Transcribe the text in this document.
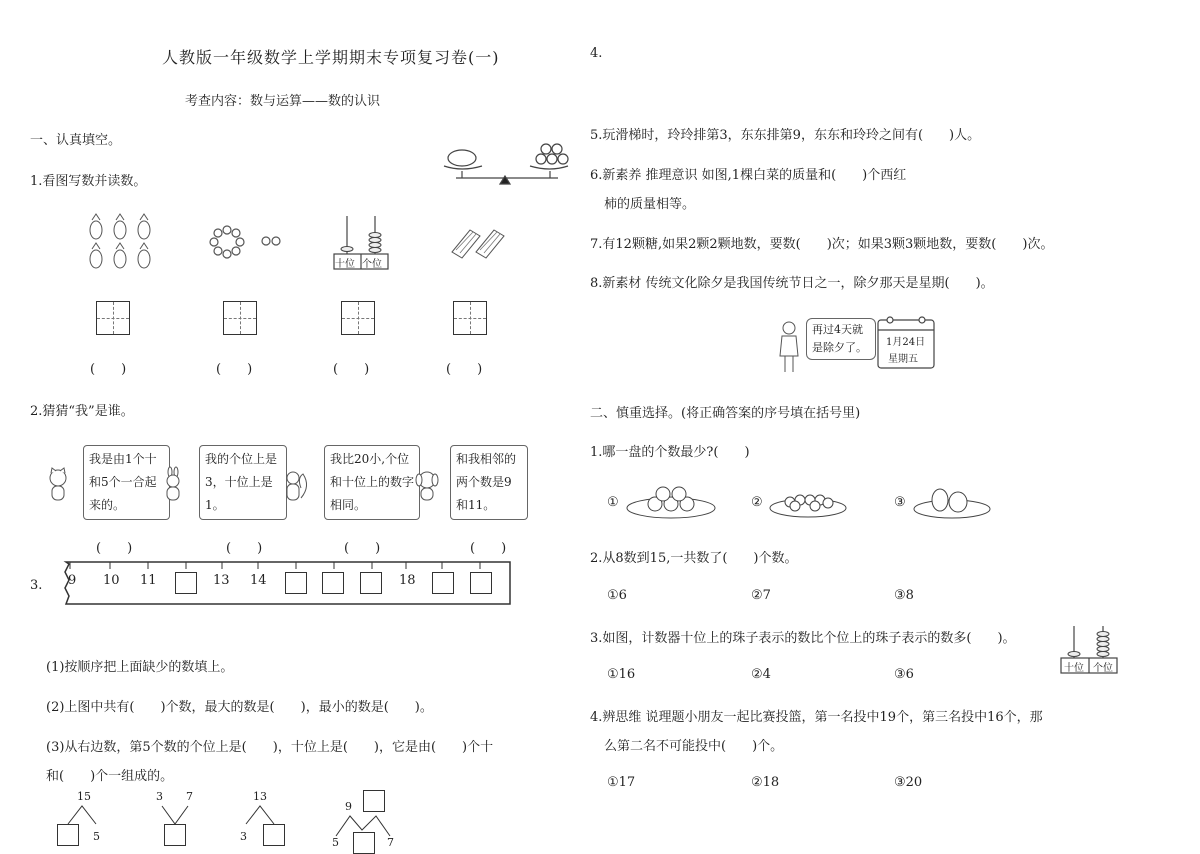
人教版一年级数学上学期期末专项复习卷(一)
考查内容：数与运算——数的认识
4.
一、认真填空。
1.看图写数并读数。
十位 个位
(　　)	(　　)	(　　)	(　　)
2.猜猜“我”是谁。
我是由1个十和5个一合起来的。
我的个位上是3，十位上是1。
我比20小,个位和十位上的数字相同。
和我相邻的两个数是9和11。
(　　)	(　　)	(　　)	(　　)
3. 9 10 11	13 14	18
(1)按顺序把上面缺少的数填上。
(2)上图中共有(　　)个数，最大的数是(　　)，最小的数是(　　)。
(3)从右边数，第5个数的个位上是(　　)，十位上是(　　)，它是由(　　)个十
和(　　)个一组成的。
15
5
3 7	13
3
9
5	7
5.玩滑梯时，玲玲排第3，东东排第9，东东和玲玲之间有(　　)人。
6.新素养 推理意识 如图,1棵白菜的质量和(　　)个西红
柿的质量相等。
7.有12颗糖,如果2颗2颗地数，要数(　　)次；如果3颗3颗地数，要数(　　)次。
8.新素材 传统文化除夕是我国传统节日之一，除夕那天是星期(　　)。
再过4天就是除夕了。	1月24日
星期五
二、慎重选择。(将正确答案的序号填在括号里)
1.哪一盘的个数最少?(　　)
①	②	③
2.从8数到15,一共数了(　　)个数。
①6	②7	③8
3.如图，计数器十位上的珠子表示的数比个位上的珠子表示的数多(　　)。
十位 个位
①16	②4	③6
4.辨思维 说理题小朋友一起比赛投篮，第一名投中19个，第三名投中16个，那
么第二名不可能投中(　　)个。
①17	②18	③20
